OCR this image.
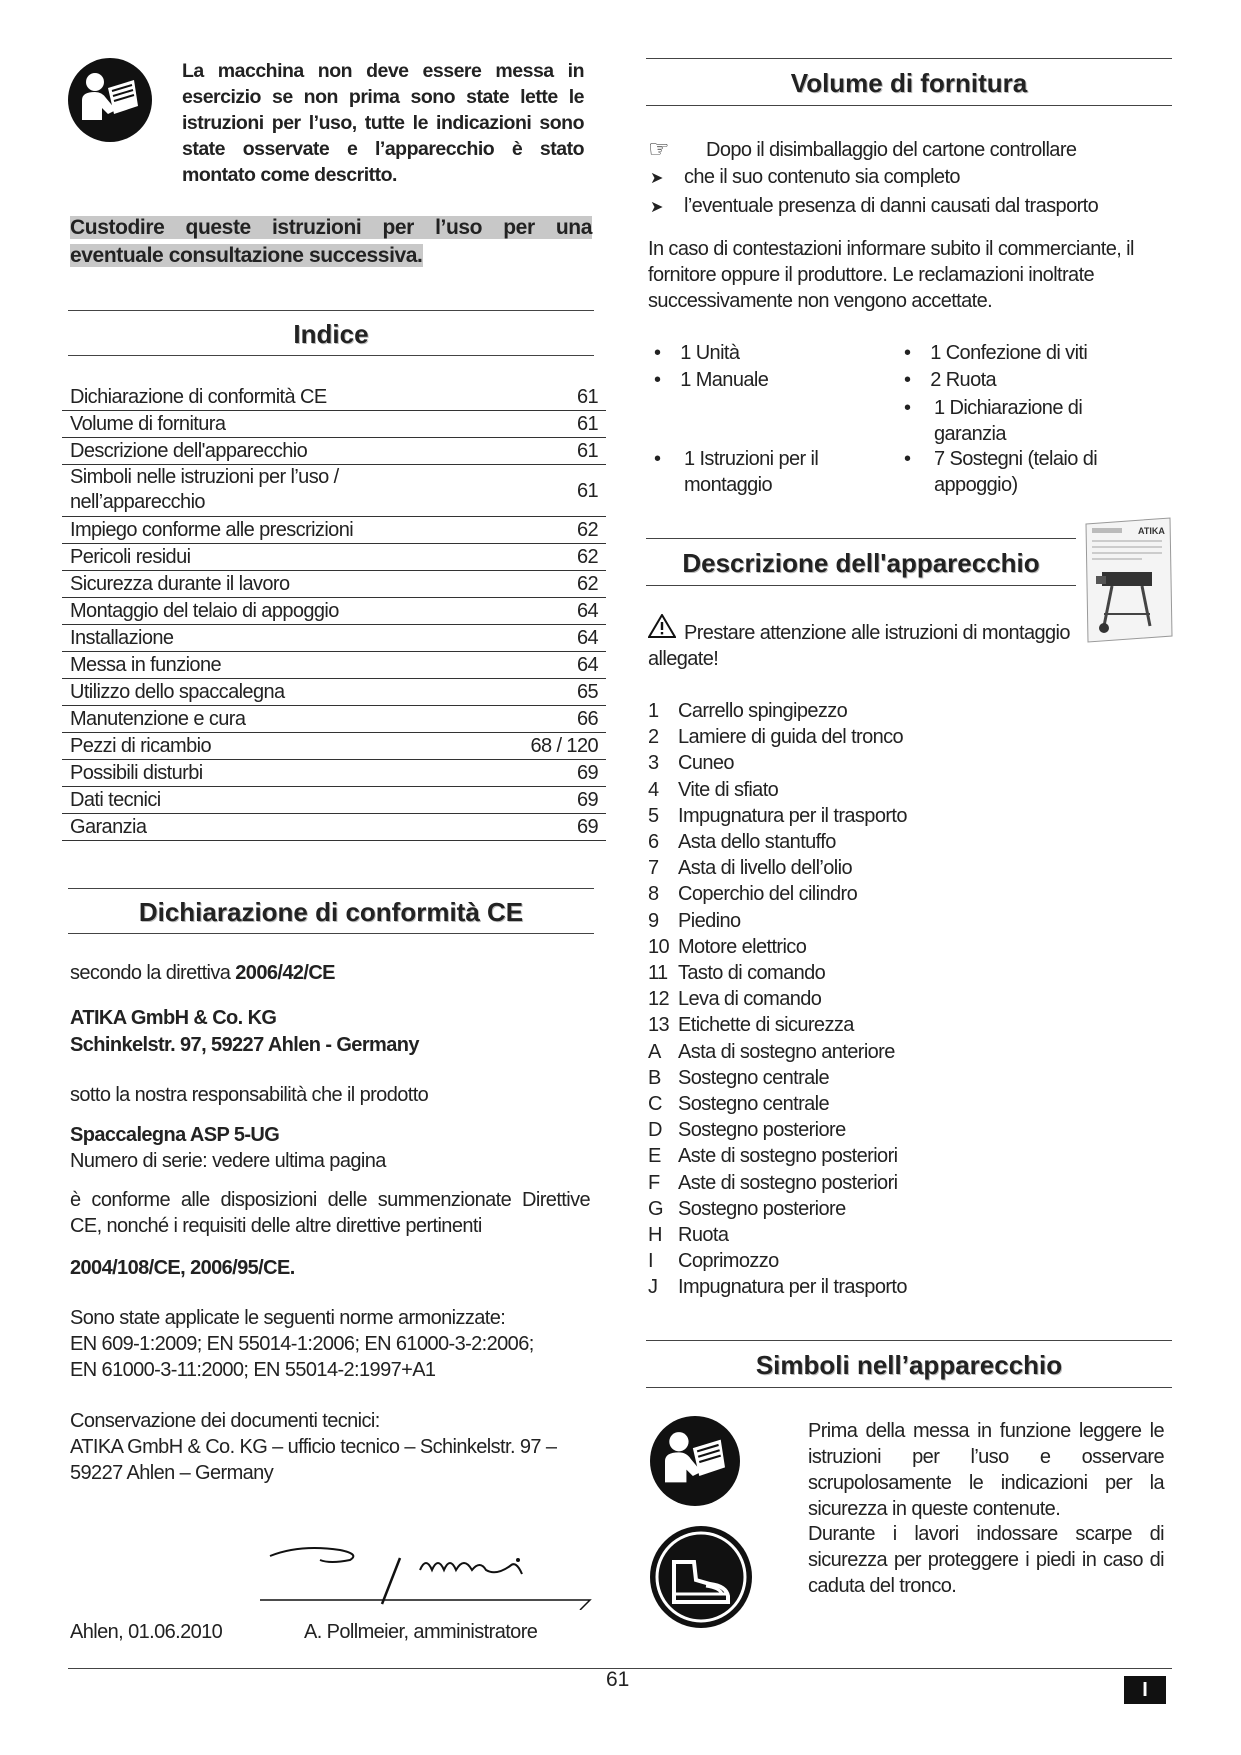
La macchina non deve essere messa in esercizio se non prima sono state lette le istruzioni per l’uso, tutte le indicazioni sono state osservate e l’apparecchio è stato montato come descritto.
Custodire queste istruzioni per l’uso per una eventuale consultazione successiva.
Indice
Dichiarazione di conformità CE	61
Volume di fornitura	61
Descrizione dell'apparecchio	61
Simboli nelle istruzioni per l’uso / nell’apparecchio	61
Impiego conforme alle prescrizioni	62
Pericoli residui	62
Sicurezza durante il lavoro	62
Montaggio del telaio di appoggio	64
Installazione	64
Messa in funzione	64
Utilizzo dello spaccalegna	65
Manutenzione e cura	66
Pezzi di ricambio	68 / 120
Possibili disturbi	69
Dati tecnici	69
Garanzia	69
Dichiarazione di conformità CE
secondo la direttiva 2006/42/CE
ATIKA GmbH & Co. KG
Schinkelstr. 97, 59227 Ahlen - Germany
sotto la nostra responsabilità che il prodotto
Spaccalegna ASP 5-UG
Numero di serie: vedere ultima pagina
è conforme alle disposizioni delle summenzionate Direttive CE, nonché i requisiti delle altre direttive pertinenti
2004/108/CE, 2006/95/CE.
Sono state applicate le seguenti norme armonizzate:
EN 609-1:2009; EN 55014-1:2006; EN 61000-3-2:2006;
EN 61000-3-11:2000; EN 55014-2:1997+A1
Conservazione dei documenti tecnici:
ATIKA GmbH & Co. KG – ufficio tecnico – Schinkelstr. 97 –
59227 Ahlen – Germany
Ahlen, 01.06.2010	A. Pollmeier, amministratore
Volume di fornitura
☞ Dopo il disimballaggio del cartone controllare
➤ che il suo contenuto sia completo
➤ l’eventuale presenza di danni causati dal trasporto
In caso di contestazioni informare subito il commerciante, il fornitore oppure il produttore. Le reclamazioni inoltrate successivamente non vengono accettate.
•    1 Unità
•    1 Manuale
• 1 Istruzioni per il montaggio
•    1 Confezione di viti
•    2 Ruota
• 1 Dichiarazione di garanzia
• 7 Sostegni (telaio di appoggio)
Descrizione dell'apparecchio
ATIKA
Prestare attenzione alle istruzioni di montaggio allegate!
1 Carrello spingipezzo
2 Lamiere di guida del tronco
3 Cuneo
4 Vite di sfiato
5 Impugnatura per il trasporto
6 Asta dello stantuffo
7 Asta di livello dell’olio
8 Coperchio del cilindro
9 Piedino
10 Motore elettrico
11 Tasto di comando
12 Leva di comando
13 Etichette di sicurezza
A Asta di sostegno anteriore
B Sostegno centrale
C Sostegno centrale
D Sostegno posteriore
E Aste di sostegno posteriori
F Aste di sostegno posteriori
G Sostegno posteriore
H Ruota
I Coprimozzo
J Impugnatura per il trasporto
Simboli nell’apparecchio
Prima della messa in funzione leggere le istruzioni per l’uso e osservare scrupolosamente le indicazioni per la sicurezza in queste contenute.
Durante i lavori indossare scarpe di sicurezza per proteggere i piedi in caso di caduta del tronco.
61	I
